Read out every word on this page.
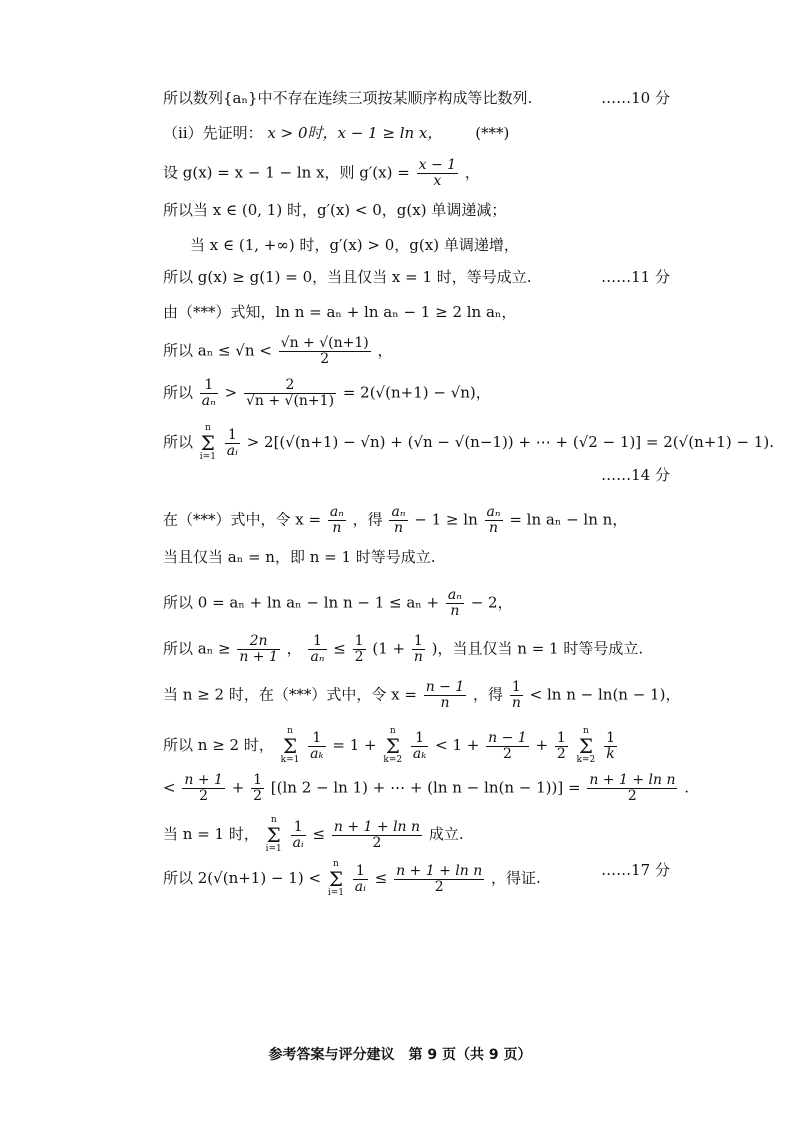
所以数列{aₙ}中不存在连续三项按某顺序构成等比数列.	……10 分
（ⅱ）先证明： x > 0时，x − 1 ≥ ln x， (***)
设 g(x) = x − 1 − ln x，则 $g'(x) = \frac{x - 1}{x}$ ，
所以当 x ∈ (0, 1) 时，g′(x) < 0，g(x) 单调递减；
当 x ∈ (1, +∞) 时，g′(x) > 0，g(x) 单调递增，
所以 g(x) ≥ g(1) = 0，当且仅当 x = 1 时，等号成立.	……11 分
由（***）式知，ln n = aₙ + ln aₙ − 1 ≥ 2 ln aₙ，
所以 $a_n \le √n < \frac{√n + √(n+1)}{2}$ ，
所以 $\frac{1}{\text{aₙ}} > \frac{2}{√n + √(n+1)} = 2(√(n+1) - √n)$，
所以 n
Σ
$i=1 \frac{1}{\text{aᵢ}} > 2[(√(n+1) - √n) + (√n - √(n-1))$ + ⋯ + (√2 − 1)] = 2(√(n+1) − 1).
……14 分
在（***）式中，令 $x = \frac{\text{aₙ}}{n}$ ，得 $\frac{\text{aₙ}}{n} - 1 \ge \ln \frac{\text{aₙ}}{n} = \ln a_n - \ln n$，
当且仅当 aₙ = n，即 n = 1 时等号成立.
所以 $0 = a_n + \ln a_n - \ln n - 1 \le a_n + \frac{\text{aₙ}}{n} - 2$，
所以 $a_n \ge \frac{2n}{n + 1}$ ， $\frac{1}{\text{aₙ}} \le \frac{1}{2} (1 + \frac{1}{n}$ )，当且仅当 n = 1 时等号成立.
当 n ≥ 2 时，在（***）式中，令 $x = \frac{n - 1}{n}$ ，得 $\frac{1}{n} < \ln n - \ln(n - 1)$，
所以 n ≥ 2 时， n
Σ
$k=1 \frac{1}{\text{aₖ}} = 1 + n$
Σ
$k=2 \frac{1}{\text{aₖ}} < 1 + \frac{n - 1}{2} + \frac{1}{2}$ n
Σ
$k=2 \frac{1}{k}$
< $\frac{n + 1}{2} + \frac{1}{2} [(\ln$ 2 − ln 1) + ⋯ + (ln $n - \ln(n - 1))] = \frac{\text{n + 1 + ln n}}{2}$ .
当 n = 1 时， n
Σ
$i=1 \frac{1}{\text{aᵢ}} \le \frac{\text{n + 1 + ln n}}{2}$ 成立.
所以 2(√(n+1) − 1) < n
Σ
$i=1 \frac{1}{\text{aᵢ}} \le \frac{\text{n + 1 + ln n}}{2}$ ，得证.	……17 分
参考答案与评分建议　第 9 页（共 9 页）
